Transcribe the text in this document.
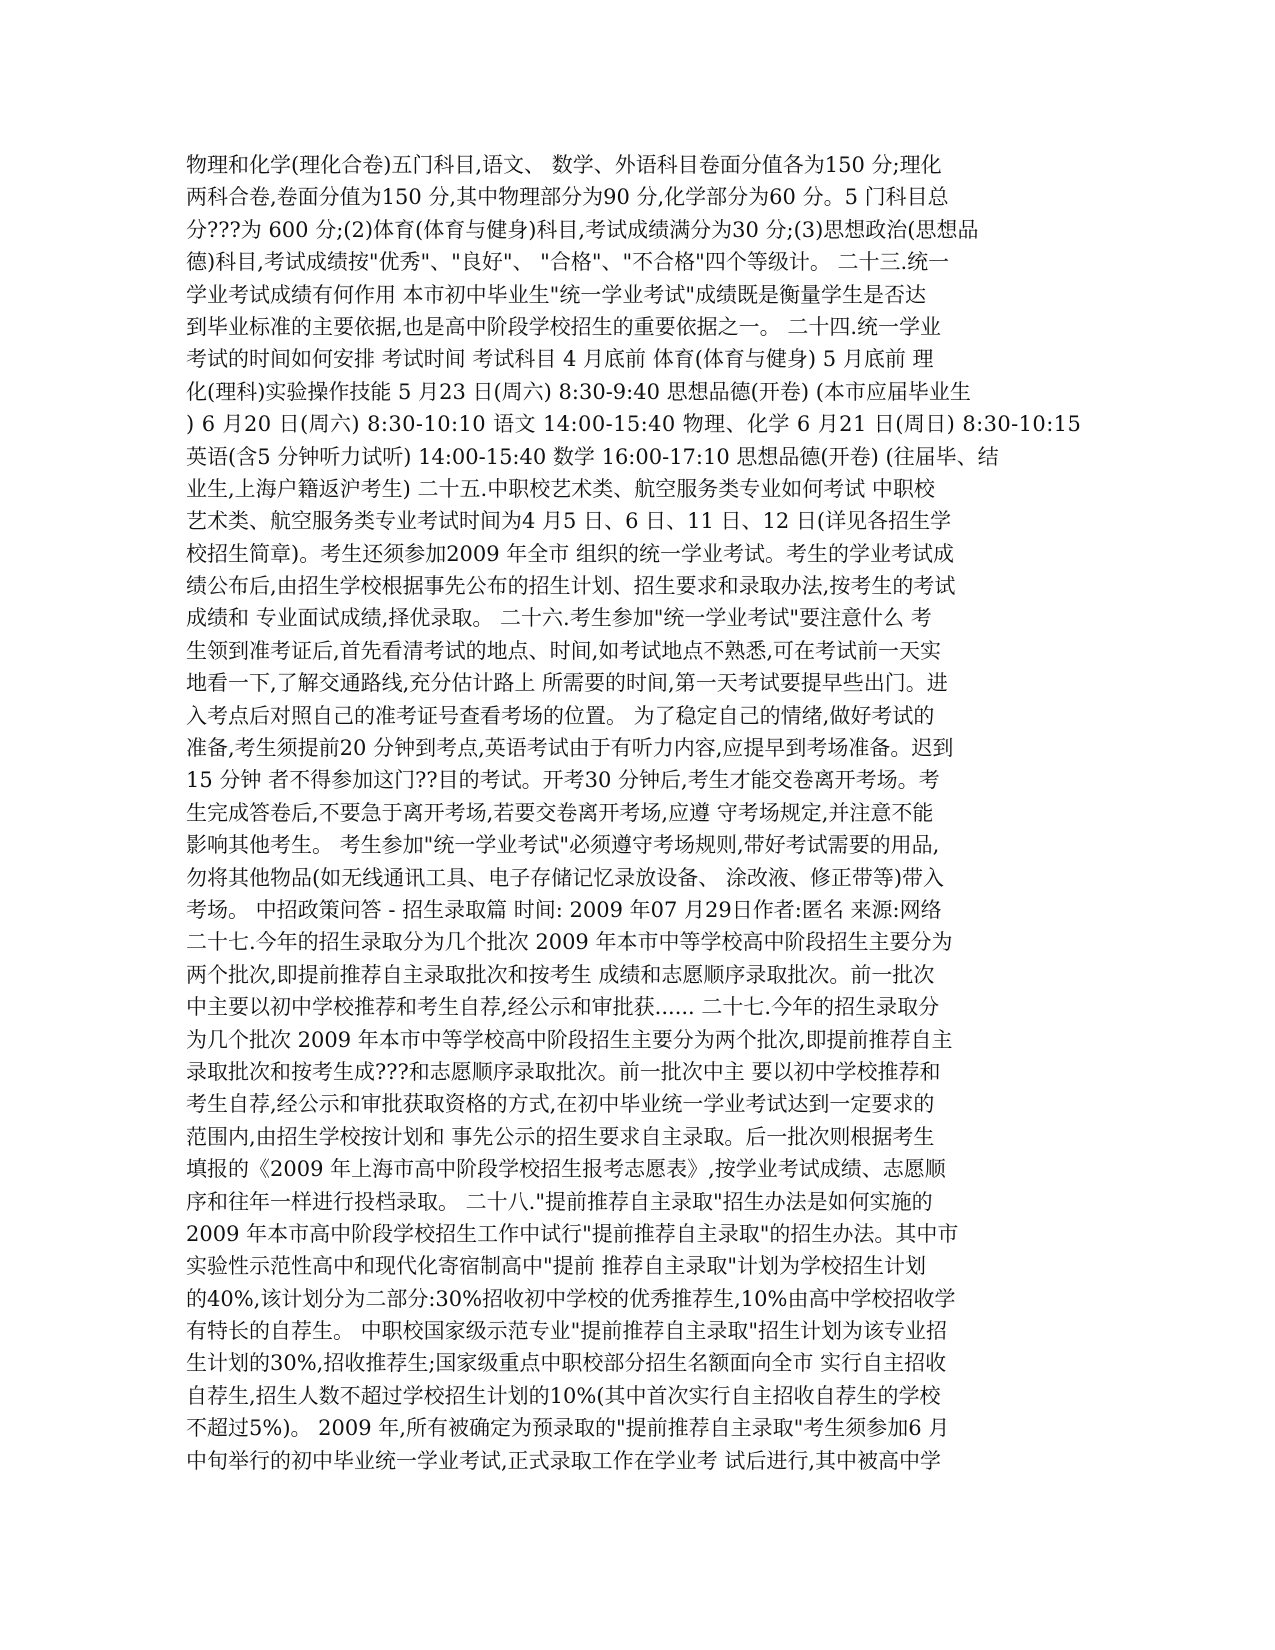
物理和化学(理化合卷)五门科目,语文、 数学、外语科目卷面分值各为150 分;理化
两科合卷,卷面分值为150 分,其中物理部分为90 分,化学部分为60 分。5 门科目总
分???为 600 分;(2)体育(体育与健身)科目,考试成绩满分为30 分;(3)思想政治(思想品
德)科目,考试成绩按"优秀"、"良好"、 "合格"、"不合格"四个等级计。 二十三.统一
学业考试成绩有何作用 本市初中毕业生"统一学业考试"成绩既是衡量学生是否达
到毕业标准的主要依据,也是高中阶段学校招生的重要依据之一。 二十四.统一学业
考试的时间如何安排 考试时间 考试科目 4 月底前 体育(体育与健身) 5 月底前 理
化(理科)实验操作技能 5 月23 日(周六) 8:30-9:40 思想品德(开卷) (本市应届毕业生
) 6 月20 日(周六) 8:30-10:10 语文 14:00-15:40 物理、化学 6 月21 日(周日) 8:30-10:15
英语(含5 分钟听力试听) 14:00-15:40 数学 16:00-17:10 思想品德(开卷) (往届毕、结
业生,上海户籍返沪考生) 二十五.中职校艺术类、航空服务类专业如何考试 中职校
艺术类、航空服务类专业考试时间为4 月5 日、6 日、11 日、12 日(详见各招生学
校招生简章)。考生还须参加2009 年全市 组织的统一学业考试。考生的学业考试成
绩公布后,由招生学校根据事先公布的招生计划、招生要求和录取办法,按考生的考试
成绩和 专业面试成绩,择优录取。 二十六.考生参加"统一学业考试"要注意什么 考
生领到准考证后,首先看清考试的地点、时间,如考试地点不熟悉,可在考试前一天实
地看一下,了解交通路线,充分估计路上 所需要的时间,第一天考试要提早些出门。进
入考点后对照自己的准考证号查看考场的位置。 为了稳定自己的情绪,做好考试的
准备,考生须提前20 分钟到考点,英语考试由于有听力内容,应提早到考场准备。迟到
15 分钟 者不得参加这门??目的考试。开考30 分钟后,考生才能交卷离开考场。考
生完成答卷后,不要急于离开考场,若要交卷离开考场,应遵 守考场规定,并注意不能
影响其他考生。 考生参加"统一学业考试"必须遵守考场规则,带好考试需要的用品,
勿将其他物品(如无线通讯工具、电子存储记忆录放设备、 涂改液、修正带等)带入
考场。 中招政策问答 - 招生录取篇 时间: 2009 年07 月29日作者:匿名 来源:网络
二十七.今年的招生录取分为几个批次 2009 年本市中等学校高中阶段招生主要分为
两个批次,即提前推荐自主录取批次和按考生 成绩和志愿顺序录取批次。前一批次
中主要以初中学校推荐和考生自荐,经公示和审批获...... 二十七.今年的招生录取分
为几个批次 2009 年本市中等学校高中阶段招生主要分为两个批次,即提前推荐自主
录取批次和按考生成???和志愿顺序录取批次。前一批次中主 要以初中学校推荐和
考生自荐,经公示和审批获取资格的方式,在初中毕业统一学业考试达到一定要求的
范围内,由招生学校按计划和 事先公示的招生要求自主录取。后一批次则根据考生
填报的《2009 年上海市高中阶段学校招生报考志愿表》,按学业考试成绩、志愿顺
序和往年一样进行投档录取。 二十八."提前推荐自主录取"招生办法是如何实施的
2009 年本市高中阶段学校招生工作中试行"提前推荐自主录取"的招生办法。其中市
实验性示范性高中和现代化寄宿制高中"提前 推荐自主录取"计划为学校招生计划
的40%,该计划分为二部分:30%招收初中学校的优秀推荐生,10%由高中学校招收学
有特长的自荐生。 中职校国家级示范专业"提前推荐自主录取"招生计划为该专业招
生计划的30%,招收推荐生;国家级重点中职校部分招生名额面向全市 实行自主招收
自荐生,招生人数不超过学校招生计划的10%(其中首次实行自主招收自荐生的学校
不超过5%)。 2009 年,所有被确定为预录取的"提前推荐自主录取"考生须参加6 月
中旬举行的初中毕业统一学业考试,正式录取工作在学业考 试后进行,其中被高中学
